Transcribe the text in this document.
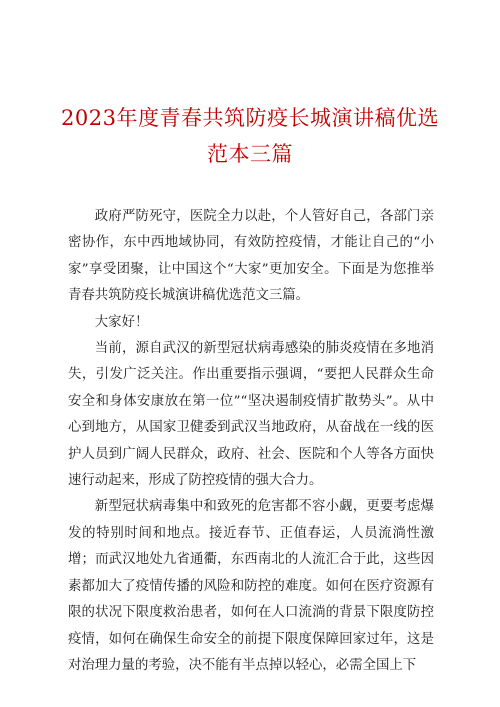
2023年度青春共筑防疫长城演讲稿优选范本三篇

政府严防死守，医院全力以赴，个人管好自己，各部门亲密协作，东中西地域协同，有效防控疫情，才能让自己的“小家”享受团聚，让中国这个“大家”更加安全。下面是为您推举青春共筑防疫长城演讲稿优选范文三篇。

大家好！

当前，源自武汉的新型冠状病毒感染的肺炎疫情在多地消失，引发广泛关注。作出重要指示强调，“要把人民群众生命安全和身体安康放在第一位”“坚决遏制疫情扩散势头”。从中心到地方，从国家卫健委到武汉当地政府，从奋战在一线的医护人员到广阔人民群众，政府、社会、医院和个人等各方面快速行动起来，形成了防控疫情的强大合力。

新型冠状病毒集中和致死的危害都不容小觑，更要考虑爆发的特别时间和地点。接近春节、正值春运，人员流淌性激增；而武汉地处九省通衢，东西南北的人流汇合于此，这些因素都加大了疫情传播的风险和防控的难度。如何在医疗资源有限的状况下限度救治患者，如何在人口流淌的背景下限度防控疫情，如何在确保生命安全的前提下限度保障回家过年，这是对治理力量的考验，决不能有半点掉以轻心，必需全国上下
